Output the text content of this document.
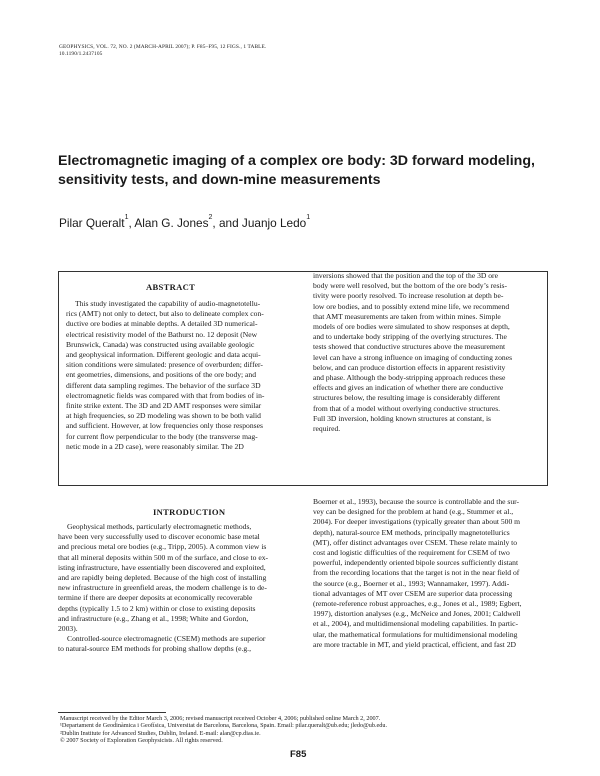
GEOPHYSICS, VOL. 72, NO. 2 (MARCH-APRIL 2007); P. F85–F95, 12 FIGS., 1 TABLE.
10.1190/1.2437105
Electromagnetic imaging of a complex ore body: 3D forward modeling,
sensitivity tests, and down-mine measurements
Pilar Queralt$^1$, Alan G. Jones$^2$, and Juanjo Ledo$^1$
ABSTRACT
This study investigated the capability of audio-magnetotellu-
rics (AMT) not only to detect, but also to delineate complex con-
ductive ore bodies at minable depths. A detailed 3D numerical-
electrical resistivity model of the Bathurst no. 12 deposit (New
Brunswick, Canada) was constructed using available geologic
and geophysical information. Different geologic and data acqui-
sition conditions were simulated: presence of overburden; differ-
ent geometries, dimensions, and positions of the ore body; and
different data sampling regimes. The behavior of the surface 3D
electromagnetic fields was compared with that from bodies of in-
finite strike extent. The 3D and 2D AMT responses were similar
at high frequencies, so 2D modeling was shown to be both valid
and sufficient. However, at low frequencies only those responses
for current flow perpendicular to the body (the transverse mag-
netic mode in a 2D case), were reasonably similar. The 2D
inversions showed that the position and the top of the 3D ore
body were well resolved, but the bottom of the ore body’s resis-
tivity were poorly resolved. To increase resolution at depth be-
low ore bodies, and to possibly extend mine life, we recommend
that AMT measurements are taken from within mines. Simple
models of ore bodies were simulated to show responses at depth,
and to undertake body stripping of the overlying structures. The
tests showed that conductive structures above the measurement
level can have a strong influence on imaging of conducting zones
below, and can produce distortion effects in apparent resistivity
and phase. Although the body-stripping approach reduces these
effects and gives an indication of whether there are conductive
structures below, the resulting image is considerably different
from that of a model without overlying conductive structures.
Full 3D inversion, holding known structures at constant, is
required.
INTRODUCTION
Geophysical methods, particularly electromagnetic methods,
have been very successfully used to discover economic base metal
and precious metal ore bodies (e.g., Tripp, 2005). A common view is
that all mineral deposits within 500 m of the surface, and close to ex-
isting infrastructure, have essentially been discovered and exploited,
and are rapidly being depleted. Because of the high cost of installing
new infrastructure in greenfield areas, the modern challenge is to de-
termine if there are deeper deposits at economically recoverable
depths (typically 1.5 to 2 km) within or close to existing deposits
and infrastructure (e.g., Zhang et al., 1998; White and Gordon,
2003).
Controlled-source electromagnetic (CSEM) methods are superior
to natural-source EM methods for probing shallow depths (e.g.,
Boerner et al., 1993), because the source is controllable and the sur-
vey can be designed for the problem at hand (e.g., Stummer et al.,
2004). For deeper investigations (typically greater than about 500 m
depth), natural-source EM methods, principally magnetotellurics
(MT), offer distinct advantages over CSEM. These relate mainly to
cost and logistic difficulties of the requirement for CSEM of two
powerful, independently oriented bipole sources sufficiently distant
from the recording locations that the target is not in the near field of
the source (e.g., Boerner et al., 1993; Wannamaker, 1997). Addi-
tional advantages of MT over CSEM are superior data processing
(remote-reference robust approaches, e.g., Jones et al., 1989; Egbert,
1997), distortion analyses (e.g., McNeice and Jones, 2001; Caldwell
et al., 2004), and multidimensional modeling capabilities. In partic-
ular, the mathematical formulations for multidimensional modeling
are more tractable in MT, and yield practical, efficient, and fast 2D
Manuscript received by the Editor March 3, 2006; revised manuscript received October 4, 2006; published online March 2, 2007.
¹Departament de Geodinàmica i Geofísica, Universitat de Barcelona, Barcelona, Spain. Email: pilar.queralt@ub.edu; jledo@ub.edu.
²Dublin Institute for Advanced Studies, Dublin, Ireland. E-mail: alan@cp.dias.ie.
© 2007 Society of Exploration Geophysicists. All rights reserved.
F85
